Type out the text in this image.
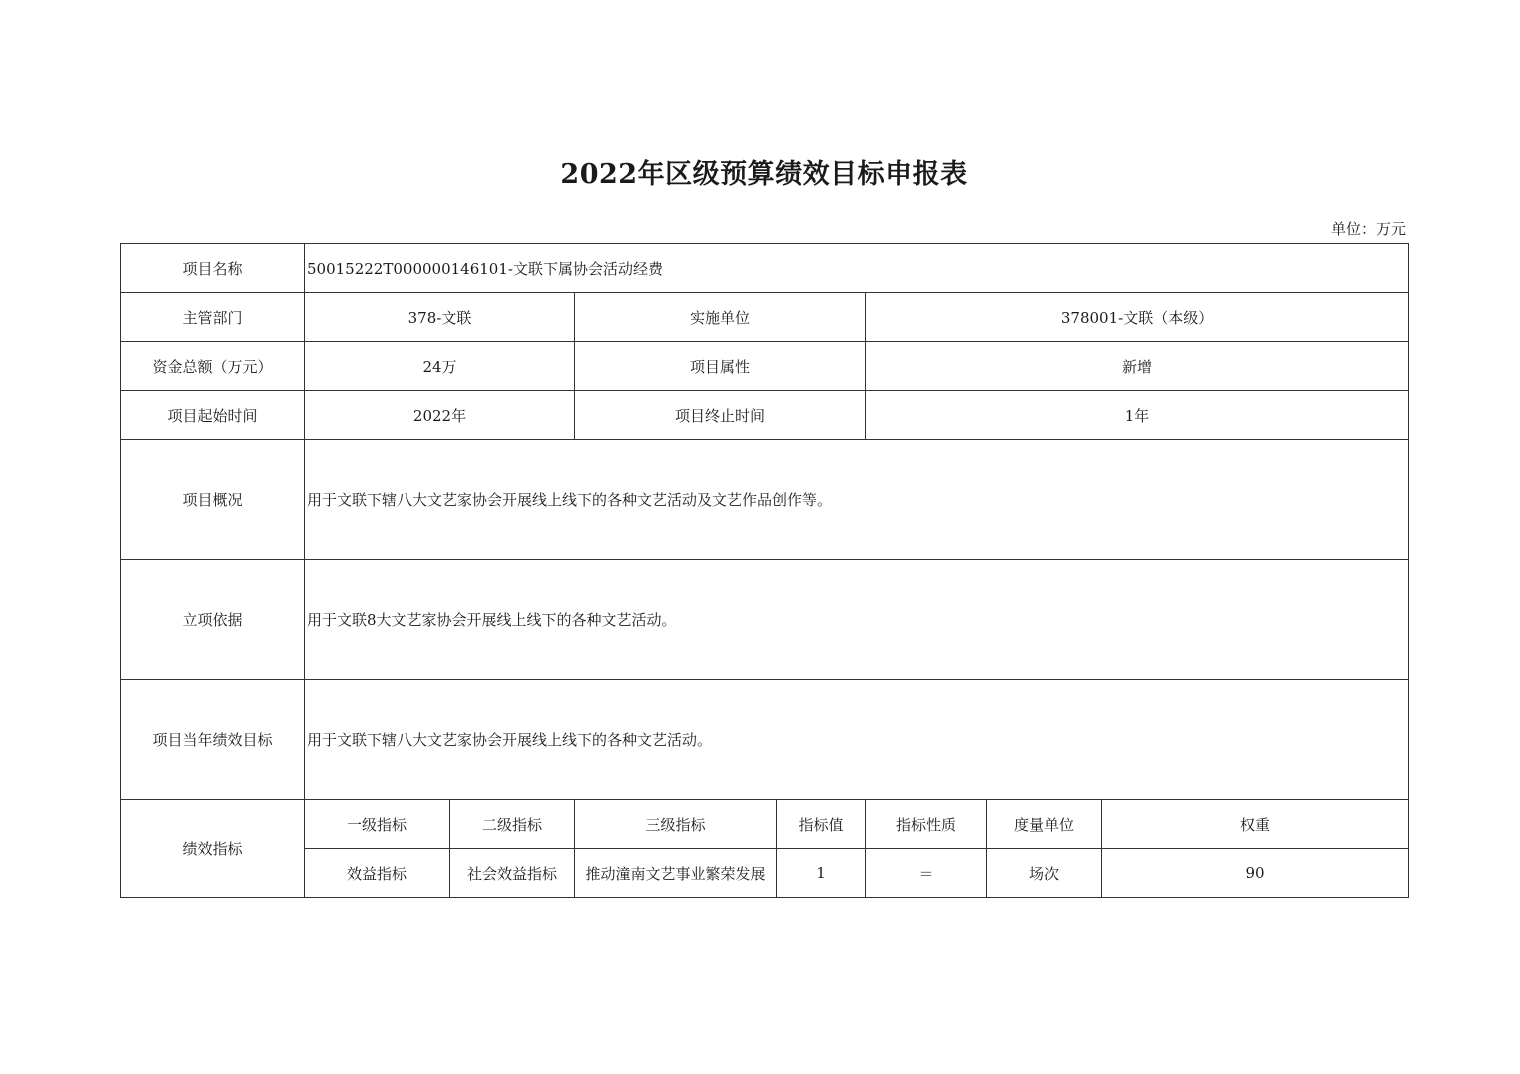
2022年区级预算绩效目标申报表
单位：万元
项目名称	50015222T000000146101-文联下属协会活动经费						
主管部门	378-文联		实施单位		378001-文联（本级）		
资金总额（万元）	24万		项目属性		新增		
项目起始时间	2022年		项目终止时间		1年		
项目概况	用于文联下辖八大文艺家协会开展线上线下的各种文艺活动及文艺作品创作等。						
立项依据	用于文联8大文艺家协会开展线上线下的各种文艺活动。						
项目当年绩效目标	用于文联下辖八大文艺家协会开展线上线下的各种文艺活动。						
绩效指标	一级指标	二级指标	三级指标	指标值	指标性质	度量单位	权重
	效益指标	社会效益指标	推动潼南文艺事业繁荣发展	1	＝	场次	90
